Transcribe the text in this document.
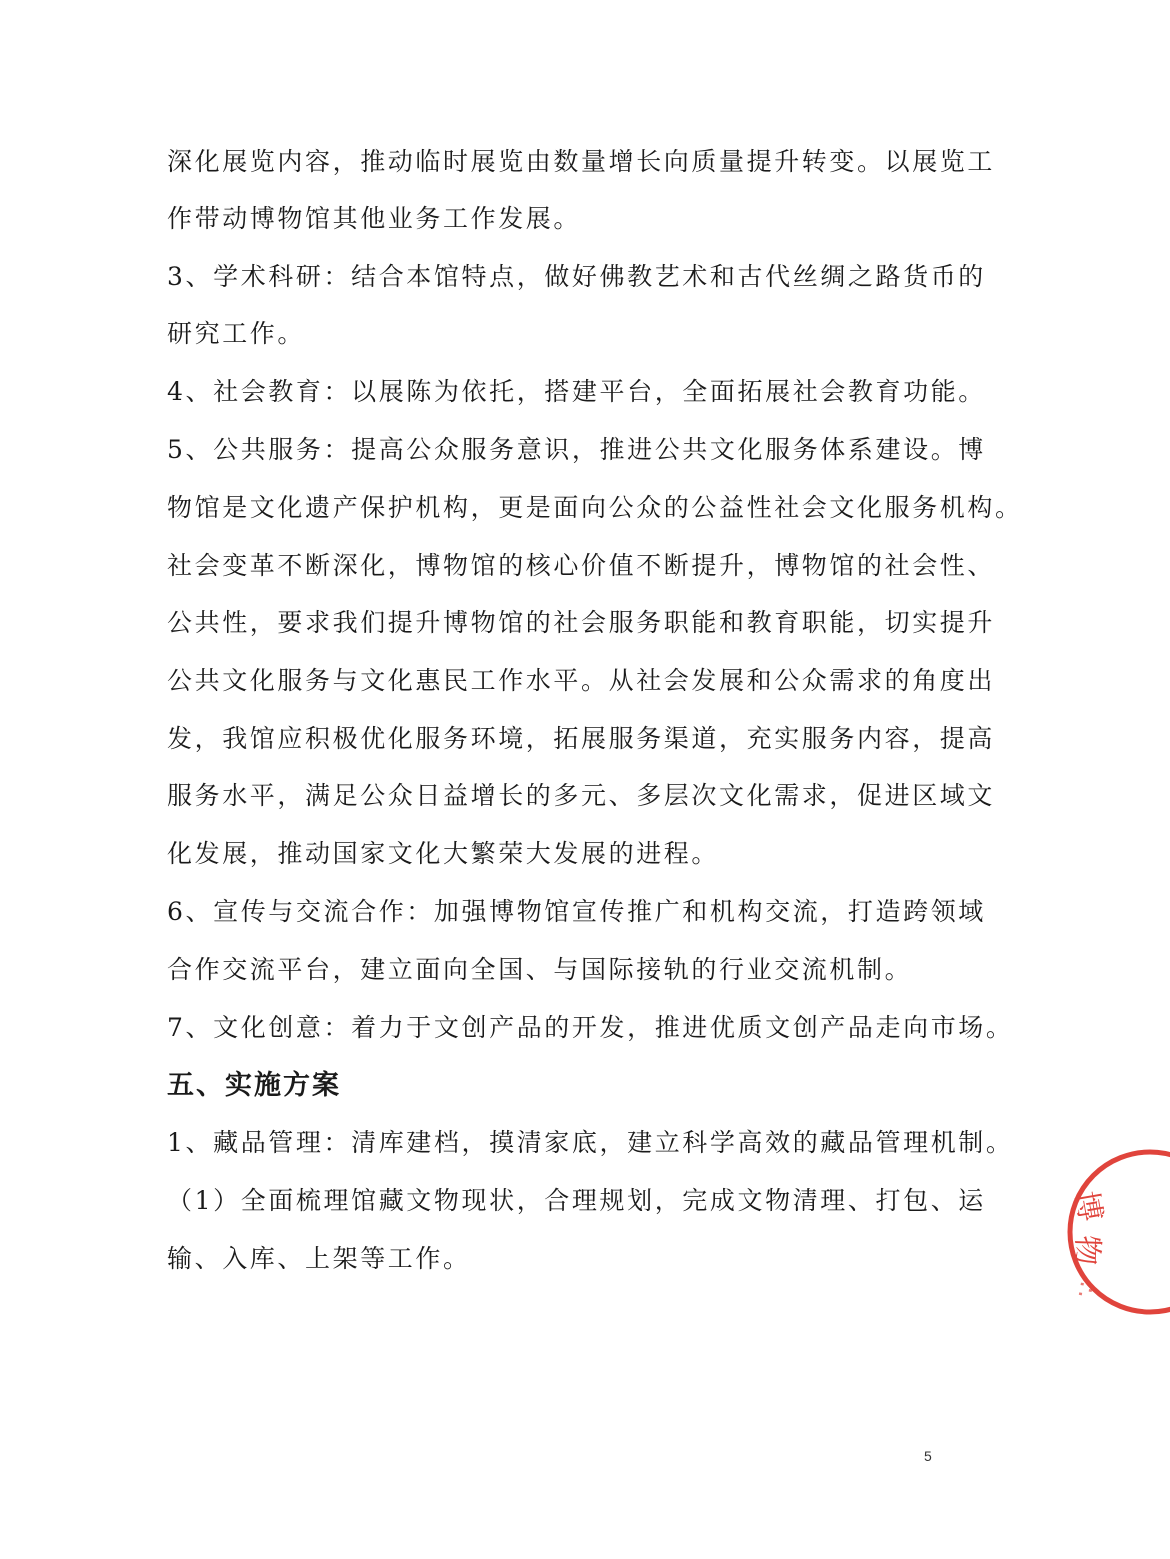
深化展览内容，推动临时展览由数量增长向质量提升转变。以展览工
作带动博物馆其他业务工作发展。
3、学术科研：结合本馆特点，做好佛教艺术和古代丝绸之路货币的
研究工作。
4、社会教育：以展陈为依托，搭建平台，全面拓展社会教育功能。
5、公共服务：提高公众服务意识，推进公共文化服务体系建设。博
物馆是文化遗产保护机构，更是面向公众的公益性社会文化服务机构。
社会变革不断深化，博物馆的核心价值不断提升，博物馆的社会性、
公共性，要求我们提升博物馆的社会服务职能和教育职能，切实提升
公共文化服务与文化惠民工作水平。从社会发展和公众需求的角度出
发，我馆应积极优化服务环境，拓展服务渠道，充实服务内容，提高
服务水平，满足公众日益增长的多元、多层次文化需求，促进区域文
化发展，推动国家文化大繁荣大发展的进程。
6、宣传与交流合作：加强博物馆宣传推广和机构交流，打造跨领域
合作交流平台，建立面向全国、与国际接轨的行业交流机制。
7、文化创意：着力于文创产品的开发，推进优质文创产品走向市场。
五、实施方案
1、藏品管理：清库建档，摸清家底，建立科学高效的藏品管理机制。
（1）全面梳理馆藏文物现状，合理规划，完成文物清理、打包、运
输、入库、上架等工作。
博
物
∴
5
